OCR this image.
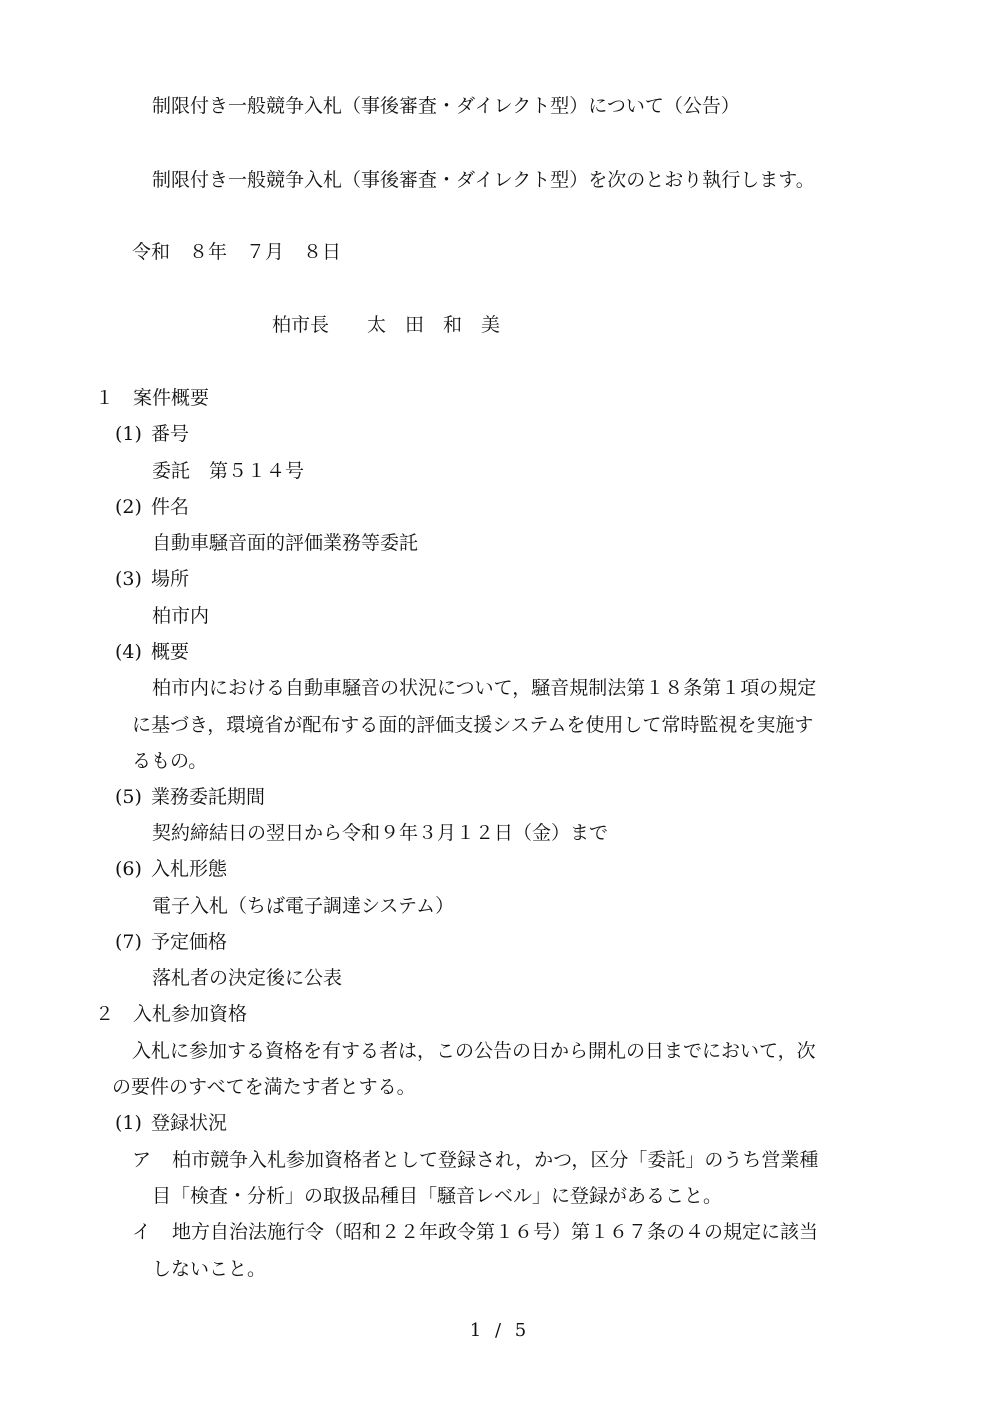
制限付き一般競争入札（事後審査・ダイレクト型）について（公告）
制限付き一般競争入札（事後審査・ダイレクト型）を次のとおり執行します。
令和　８年　７月　８日
柏市長　　太　田　和　美
１　案件概要
(1) 番号
委託　第５１４号
(2) 件名
自動車騒音面的評価業務等委託
(3) 場所
柏市内
(4) 概要
柏市内における自動車騒音の状況について，騒音規制法第１８条第１項の規定
に基づき，環境省が配布する面的評価支援システムを使用して常時監視を実施す
るもの。
(5) 業務委託期間
契約締結日の翌日から令和９年３月１２日（金）まで
(6) 入札形態
電子入札（ちば電子調達システム）
(7) 予定価格
落札者の決定後に公表
２　入札参加資格
入札に参加する資格を有する者は，この公告の日から開札の日までにおいて，次
の要件のすべてを満たす者とする。
(1) 登録状況
ア 柏市競争入札参加資格者として登録され，かつ，区分「委託」のうち営業種
目「検査・分析」の取扱品種目「騒音レベル」に登録があること。
イ 地方自治法施行令（昭和２２年政令第１６号）第１６７条の４の規定に該当
しないこと。
1 / 5
